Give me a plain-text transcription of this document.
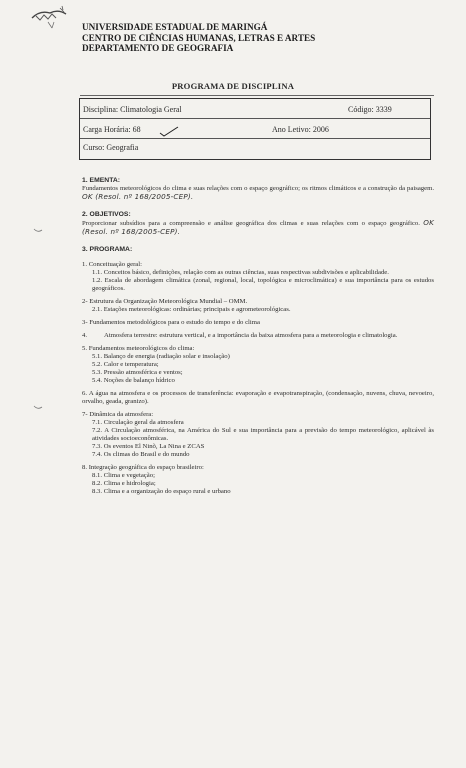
UNIVERSIDADE ESTADUAL DE MARINGÁ
CENTRO DE CIÊNCIAS HUMANAS, LETRAS E ARTES
DEPARTAMENTO DE GEOGRAFIA
PROGRAMA DE DISCIPLINA
Disciplina: Climatologia Geral	Código: 3339
Carga Horária: 68	Ano Letivo: 2006
Curso: Geografia

1. EMENTA:

Fundamentos meteorológicos do clima e suas relações com o espaço geográfico; os ritmos climáticos e a construção da paisagem. OK (Resol. nº 168/2005-CEP).

2. OBJETIVOS:

Proporcionar subsídios para a compreensão e análise geográfica dos climas e suas relações com o espaço geográfico. OK (Resol. nº 168/2005-CEP).

3. PROGRAMA:

1. Conceituação geral:

1.1. Conceitos básico, definições, relação com as outras ciências, suas respectivas subdivisões e aplicabilidade.

1.2. Escala de abordagem climática (zonal, regional, local, topológica e microclimática) e sua importância para os estudos geográficos.

2- Estrutura da Organização Meteorológica Mundial – OMM.

2.1. Estações meteorológicas: ordinárias; principais e agrometeorológicas.

3- Fundamentos metodológicos para o estudo do tempo e do clima

4.	Atmosfera terrestre: estrutura vertical, e a importância da baixa atmosfera para a meteorologia e climatologia.

5. Fundamentos meteorológicos do clima:

5.1. Balanço de energia (radiação solar e insolação)

5.2. Calor e temperatura;

5.3. Pressão atmosférica e ventos;

5.4. Noções de balanço hídrico

6. A água na atmosfera e os processos de transferência: evaporação e evapotranspiração, (condensação, nuvens, chuva, nevoeiro, orvalho, geada, granizo).

7- Dinâmica da atmosfera:

7.1. Circulação geral da atmosfera

7.2. A Circulação atmosférica, na América do Sul e sua importância para a previsão do tempo meteorológico, aplicável às atividades socioeconômicas.

7.3. Os eventos El Ninõ, La Nina e ZCAS

7.4. Os climas do Brasil e do mundo

8. Integração geográfica do espaço brasileiro:

8.1. Clima e vegetação;

8.2. Clima e hidrologia;

8.3. Clima e a organização do espaço rural e urbano
